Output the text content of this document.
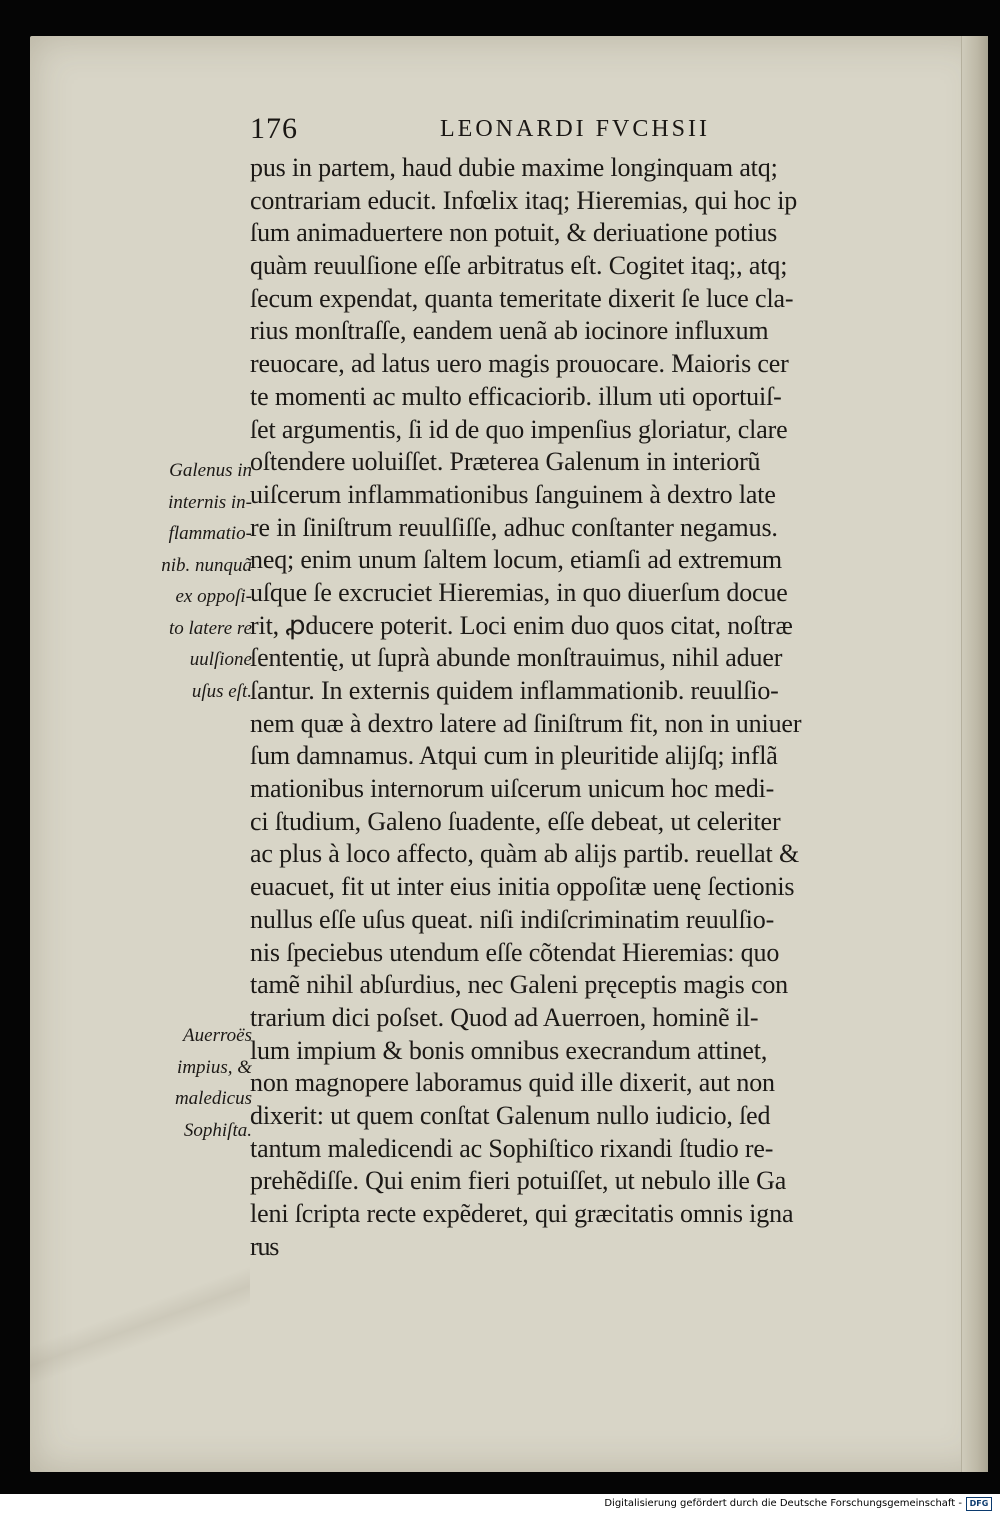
176	LEONARDI FVCHSII
pus in partem, haud dubie maxime longinquam atq;
contrariam educit. Infœlix itaq; Hieremias, qui hoc ip
ſum animaduertere non potuit, & deriuatione potius
quàm reuulſione eſſe arbitratus eſt. Cogitet itaq;, atq;
ſecum expendat, quanta temeritate dixerit ſe luce cla-
rius monſtraſſe, eandem uenã ab iocinore influxum
reuocare, ad latus uero magis prouocare. Maioris cer
te momenti ac multo efficaciorib. illum uti oportuiſ-
ſet argumentis, ſi id de quo impenſius gloriatur, clare
oſtendere uoluiſſet. Præterea Galenum in interiorũ
uiſcerum inflammationibus ſanguinem à dextro late
re in ſiniſtrum reuulſiſſe, adhuc conſtanter negamus.
neq; enim unum ſaltem locum, etiamſi ad extremum
uſque ſe excruciet Hieremias, in quo diuerſum docue
rit, ꝓducere poterit. Loci enim duo quos citat, noſtræ
ſententię, ut ſuprà abunde monſtrauimus, nihil aduer
ſantur. In externis quidem inflammationib. reuulſio-
nem quæ à dextro latere ad ſiniſtrum fit, non in uniuer
ſum damnamus. Atqui cum in pleuritide aliјſq; inflã
mationibus internorum uiſcerum unicum hoc medi-
ci ſtudium, Galeno ſuadente, eſſe debeat, ut celeriter
ac plus à loco affecto, quàm ab aliјs partib. reuellat &
euacuet, fit ut inter eius initia oppoſitæ uenę ſectionis
nullus eſſe uſus queat. niſi indiſcriminatim reuulſio-
nis ſpeciebus utendum eſſe cõtendat Hieremias: quo
tamẽ nihil abſurdius, nec Galeni pręceptis magis con
trarium dici poſset. Quod ad Auerroen, hominẽ il-
lum impium & bonis omnibus execrandum attinet,
non magnopere laboramus quid ille dixerit, aut non
dixerit: ut quem conſtat Galenum nullo iudicio, ſed
tantum maledicendi ac Sophiſtico rixandi ſtudio re-
prehẽdiſſe. Qui enim fieri potuiſſet, ut nebulo ille Ga
leni ſcripta recte expẽderet, qui græcitatis omnis igna
rus
Galenus in
internis in-
flammatio-
nib. nunquã
ex oppoſi-
to latere re
uulſione
uſus eſt.
Auerroës
impius, &
maledicus
Sophiſta.
Digitalisierung gefördert durch die Deutsche Forschungsgemeinschaft - DFG
